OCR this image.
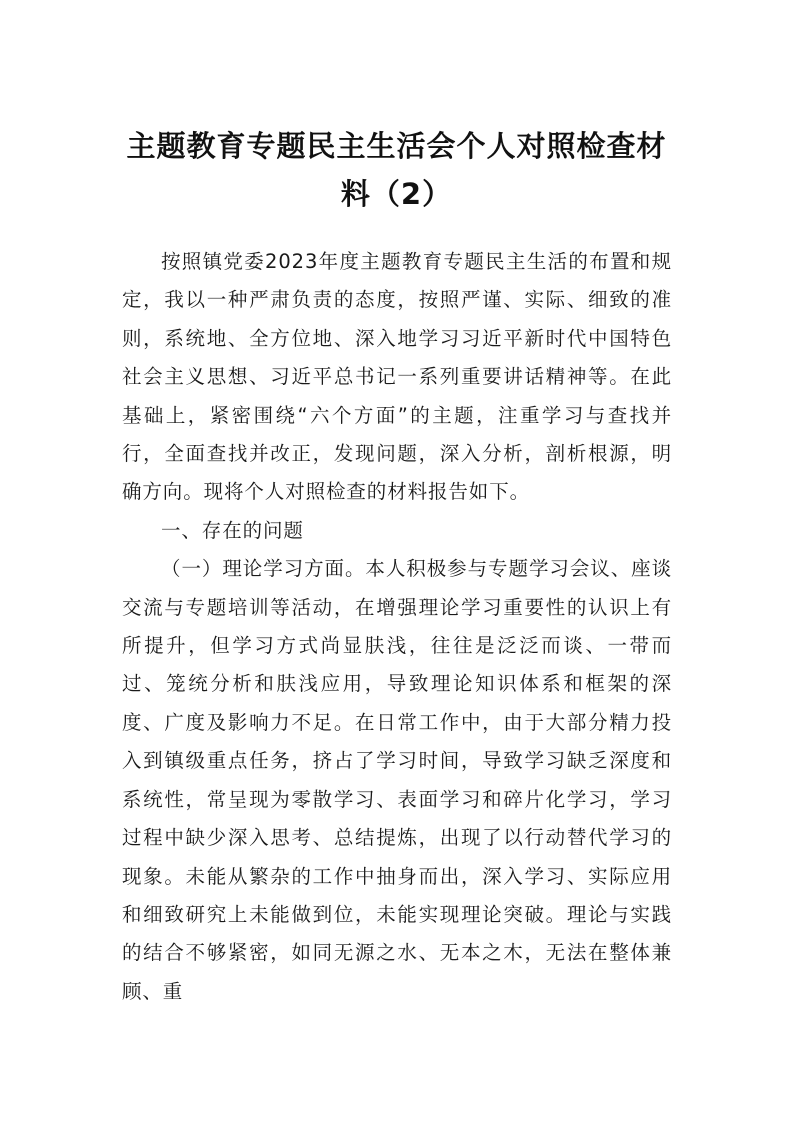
主题教育专题民主生活会个人对照检查材料（2）

按照镇党委2023年度主题教育专题民主生活的布置和规定，我以一种严肃负责的态度，按照严谨、实际、细致的准则，系统地、全方位地、深入地学习习近平新时代中国特色社会主义思想、习近平总书记一系列重要讲话精神等。在此基础上，紧密围绕“六个方面”的主题，注重学习与查找并行，全面查找并改正，发现问题，深入分析，剖析根源，明确方向。现将个人对照检查的材料报告如下。

一、存在的问题

（一）理论学习方面。本人积极参与专题学习会议、座谈交流与专题培训等活动，在增强理论学习重要性的认识上有所提升，但学习方式尚显肤浅，往往是泛泛而谈、一带而过、笼统分析和肤浅应用，导致理论知识体系和框架的深度、广度及影响力不足。在日常工作中，由于大部分精力投入到镇级重点任务，挤占了学习时间，导致学习缺乏深度和系统性，常呈现为零散学习、表面学习和碎片化学习，学习过程中缺少深入思考、总结提炼，出现了以行动替代学习的现象。未能从繁杂的工作中抽身而出，深入学习、实际应用和细致研究上未能做到位，未能实现理论突破。理论与实践的结合不够紧密，如同无源之水、无本之木，无法在整体兼顾、重
